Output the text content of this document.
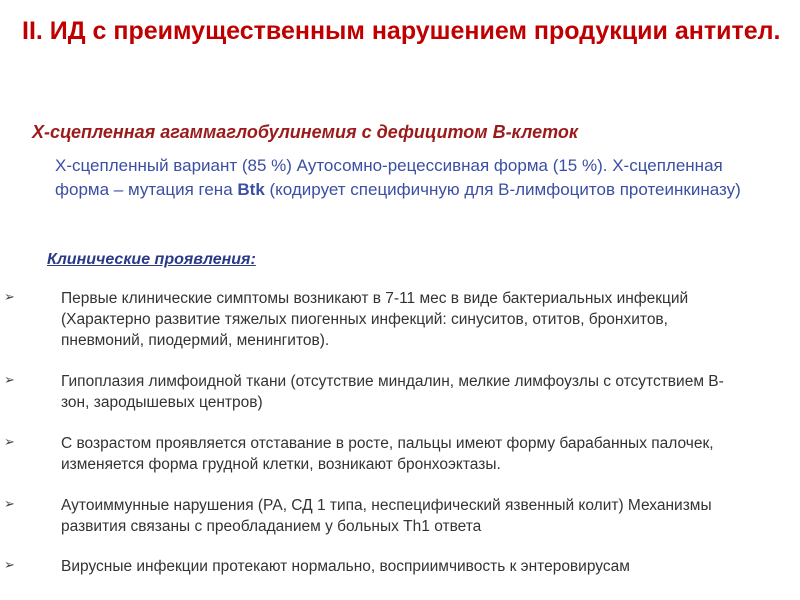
II. ИД с преимущественным нарушением продукции антител.

Х-сцепленная агаммаглобулинемия с дефицитом В-клеток

Х-сцепленный вариант (85 %) Аутосомно-рецессивная форма (15 %). Х-сцепленная форма – мутация гена Btk (кодирует специфичную для В-лимфоцитов протеинкиназу)

Клинические проявления:

➢	Первые клинические симптомы возникают в 7-11 мес в виде бактериальных инфекций (Характерно развитие тяжелых пиогенных инфекций: синуситов, отитов, бронхитов, пневмоний, пиодермий, менингитов).

➢	Гипоплазия лимфоидной ткани (отсутствие миндалин, мелкие лимфоузлы с отсутствием В-зон, зародышевых центров)

➢	С возрастом проявляется отставание в росте, пальцы имеют форму барабанных палочек, изменяется форма грудной клетки, возникают бронхоэктазы.

➢	Аутоиммунные нарушения (РА, СД 1 типа, неспецифический язвенный колит) Механизмы развития связаны с преобладанием у больных Th1 ответа

➢	Вирусные инфекции протекают нормально, восприимчивость к энтеровирусам
